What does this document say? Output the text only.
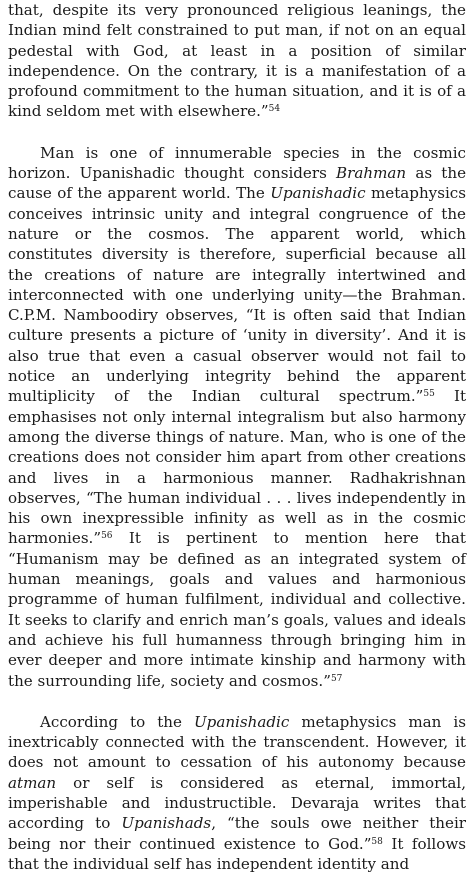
that, despite its very pronounced religious leanings, the Indian mind felt constrained to put man, if not on an equal pedestal with God, at least in a position of similar independence. On the contrary, it is a manifestation of a profound commitment to the human situation, and it is of a kind seldom met with elsewhere.”$^{54}$

Man is one of innumerable species in the cosmic horizon. Upanishadic thought considers Brahman as the cause of the apparent world. The Upanishadic metaphysics conceives intrinsic unity and integral congruence of the nature or the cosmos. The apparent world, which constitutes diversity is therefore, superficial because all the creations of nature are integrally intertwined and interconnected with one underlying unity—the Brahman. C.P.M. Namboodiry observes, “It is often said that Indian culture presents a picture of ‘unity in diversity’. And it is also true that even a casual observer would not fail to notice an underlying integrity behind the apparent multiplicity of the Indian cultural spectrum.”$^{55}$ It emphasises not only internal integralism but also harmony among the diverse things of nature. Man, who is one of the creations does not consider him apart from other creations and lives in a harmonious manner. Radhakrishnan observes, “The human individual . . . lives independently in his own inexpressible infinity as well as in the cosmic harmonies.”$^{56}$ It is pertinent to mention here that “Humanism may be defined as an integrated system of human meanings, goals and values and harmonious programme of human fulfilment, individual and collective. It seeks to clarify and enrich man’s goals, values and ideals and achieve his full humanness through bringing him in ever deeper and more intimate kinship and harmony with the surrounding life, society and cosmos.”$^{57}$

According to the Upanishadic metaphysics man is inextricably connected with the transcendent. However, it does not amount to cessation of his autonomy because atman or self is considered as eternal, immortal, imperishable and industructible. Devaraja writes that according to Upanishads, “the souls owe neither their being nor their continued existence to God.”$^{58}$ It follows that the individual self has independent identity and
